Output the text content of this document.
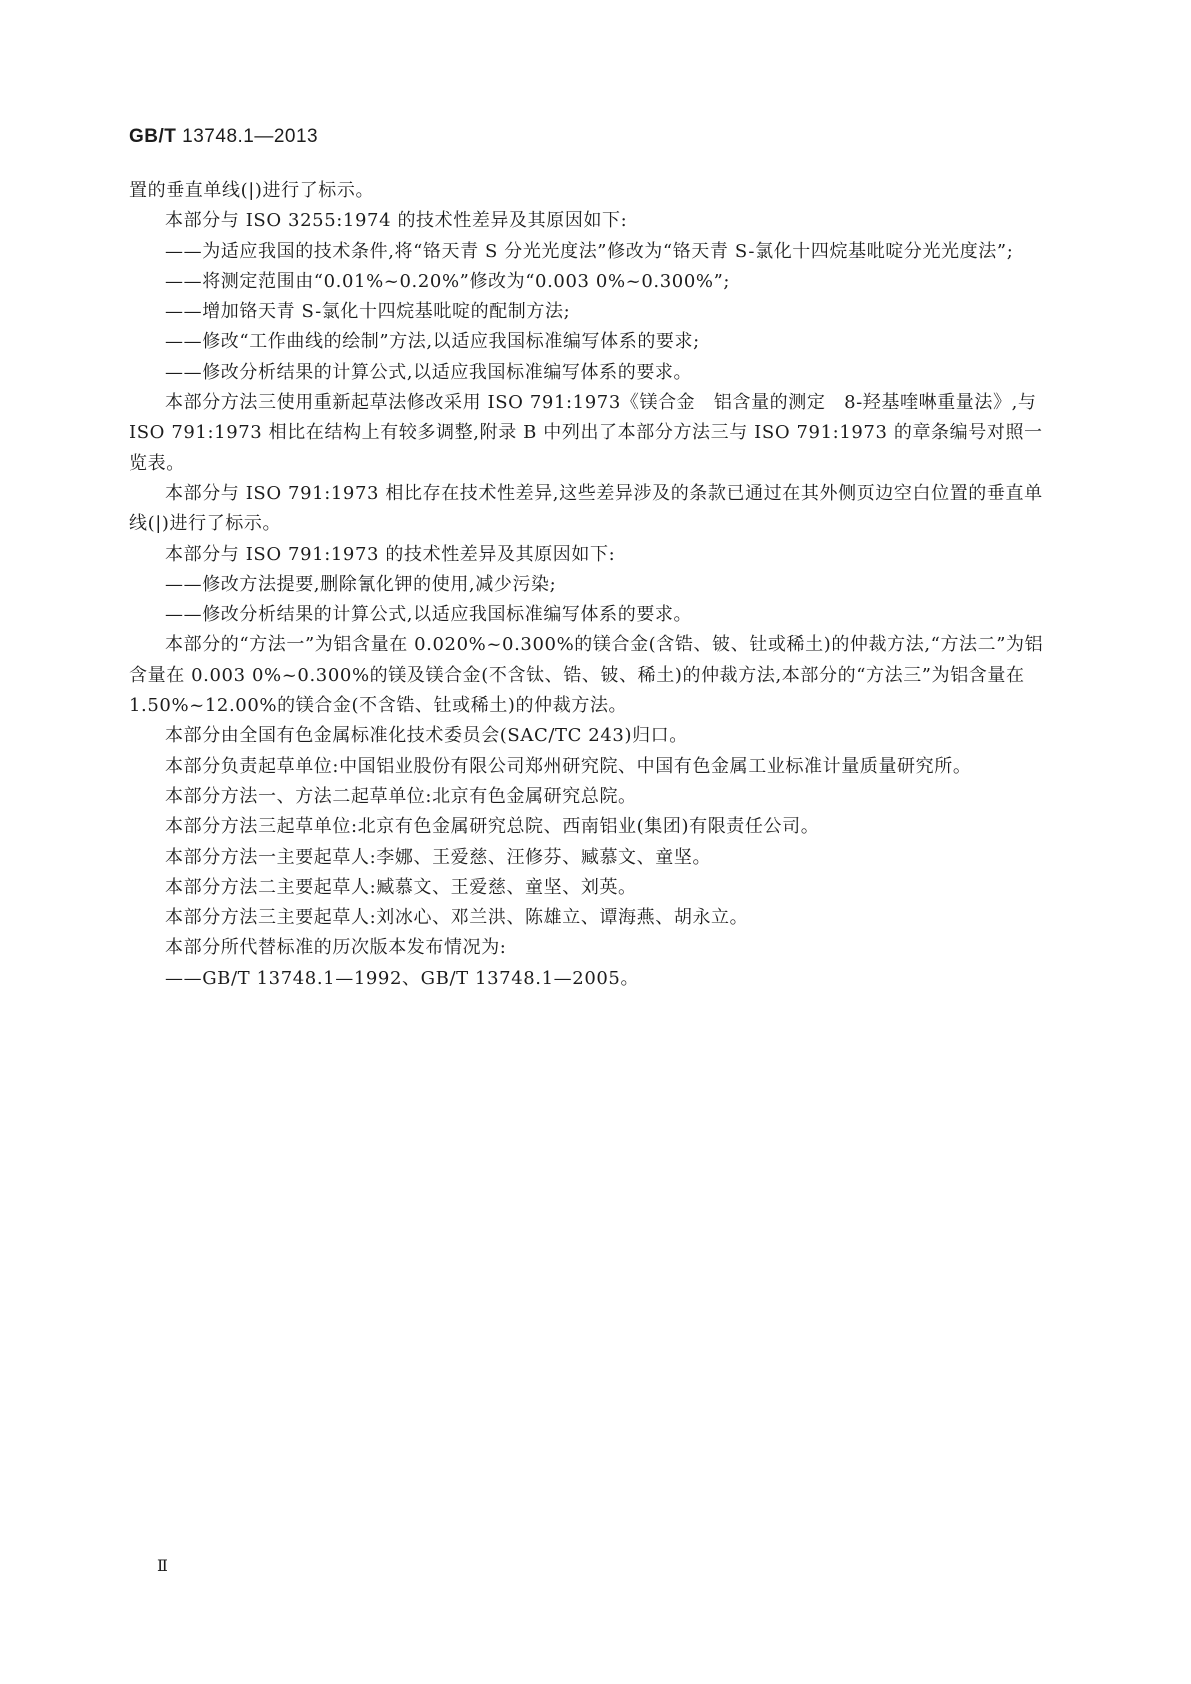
GB/T 13748.1—2013

置的垂直单线(|)进行了标示。

本部分与 ISO 3255:1974 的技术性差异及其原因如下:

——为适应我国的技术条件,将“铬天青 S 分光光度法”修改为“铬天青 S-氯化十四烷基吡啶分光光度法”;

——将测定范围由“0.01%~0.20%”修改为“0.003 0%~0.300%”;

——增加铬天青 S-氯化十四烷基吡啶的配制方法;

——修改“工作曲线的绘制”方法,以适应我国标准编写体系的要求;

——修改分析结果的计算公式,以适应我国标准编写体系的要求。

本部分方法三使用重新起草法修改采用 ISO 791:1973《镁合金　铝含量的测定　8-羟基喹啉重量法》,与 ISO 791:1973 相比在结构上有较多调整,附录 B 中列出了本部分方法三与 ISO 791:1973 的章条编号对照一览表。

本部分与 ISO 791:1973 相比存在技术性差异,这些差异涉及的条款已通过在其外侧页边空白位置的垂直单线(|)进行了标示。

本部分与 ISO 791:1973 的技术性差异及其原因如下:

——修改方法提要,删除氰化钾的使用,减少污染;

——修改分析结果的计算公式,以适应我国标准编写体系的要求。

本部分的“方法一”为铝含量在 0.020%~0.300%的镁合金(含锆、铍、钍或稀土)的仲裁方法,“方法二”为铝含量在 0.003 0%~0.300%的镁及镁合金(不含钛、锆、铍、稀土)的仲裁方法,本部分的“方法三”为铝含量在 1.50%~12.00%的镁合金(不含锆、钍或稀土)的仲裁方法。

本部分由全国有色金属标准化技术委员会(SAC/TC 243)归口。

本部分负责起草单位:中国铝业股份有限公司郑州研究院、中国有色金属工业标准计量质量研究所。

本部分方法一、方法二起草单位:北京有色金属研究总院。

本部分方法三起草单位:北京有色金属研究总院、西南铝业(集团)有限责任公司。

本部分方法一主要起草人:李娜、王爱慈、汪修芬、臧慕文、童坚。

本部分方法二主要起草人:臧慕文、王爱慈、童坚、刘英。

本部分方法三主要起草人:刘冰心、邓兰洪、陈雄立、谭海燕、胡永立。

本部分所代替标准的历次版本发布情况为:

——GB/T 13748.1—1992、GB/T 13748.1—2005。

Ⅱ
